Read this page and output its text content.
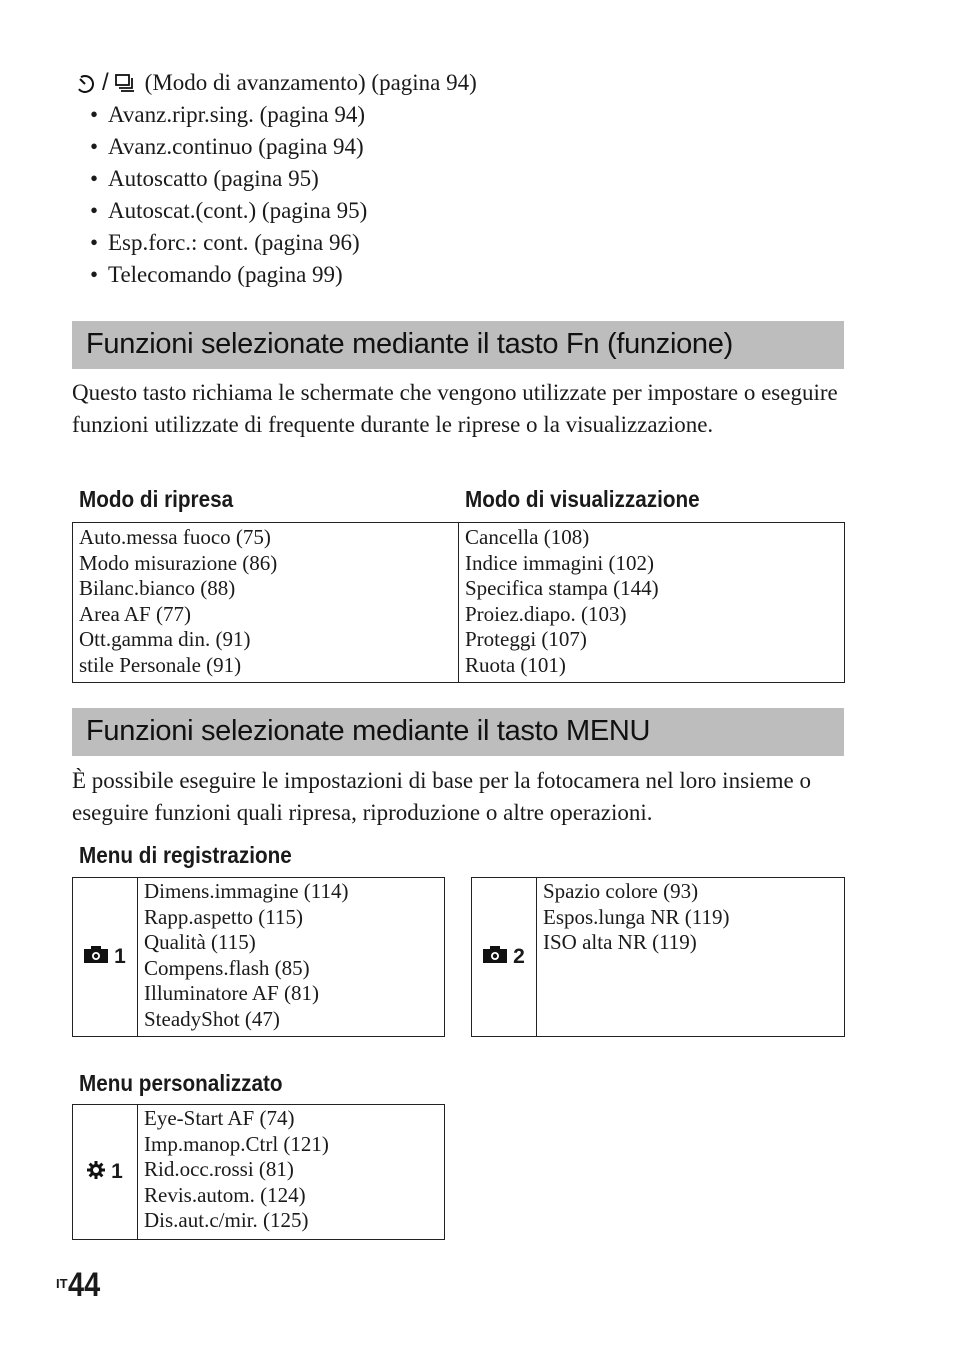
/ (Modo di avanzamento) (pagina 94)
• Avanz.ripr.sing. (pagina 94)
• Avanz.continuo (pagina 94)
• Autoscatto (pagina 95)
• Autoscat.(cont.) (pagina 95)
• Esp.forc.: cont. (pagina 96)
• Telecomando (pagina 99)
Funzioni selezionate mediante il tasto Fn (funzione)
Questo tasto richiama le schermate che vengono utilizzate per impostare o eseguire funzioni utilizzate di frequente durante le riprese o la visualizzazione.
Modo di ripresa	Modo di visualizzazione
Auto.messa fuoco (75)
Modo misurazione (86)
Bilanc.bianco (88)
Area AF (77)
Ott.gamma din. (91)
stile Personale (91)
Cancella (108)
Indice immagini (102)
Specifica stampa (144)
Proiez.diapo. (103)
Proteggi (107)
Ruota (101)
Funzioni selezionate mediante il tasto MENU
È possibile eseguire le impostazioni di base per la fotocamera nel loro insieme o eseguire funzioni quali ripresa, riproduzione o altre operazioni.
Menu di registrazione
1
Dimens.immagine (114)
Rapp.aspetto (115)
Qualità (115)
Compens.flash (85)
Illuminatore AF (81)
SteadyShot (47)
2
Spazio colore (93)
Espos.lunga NR (119)
ISO alta NR (119)
Menu personalizzato
1
Eye-Start AF (74)
Imp.manop.Ctrl (121)
Rid.occ.rossi (81)
Revis.autom. (124)
Dis.aut.c/mir. (125)
IT 44
